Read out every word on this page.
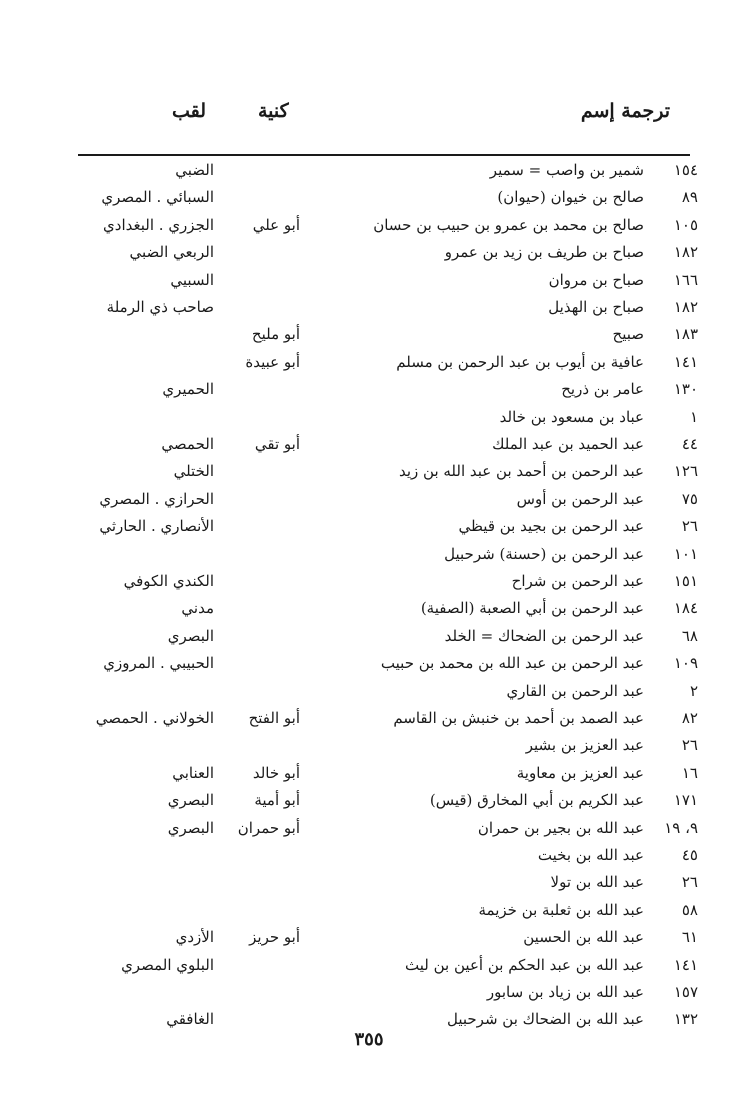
ترجمة إسم
كنية
لقب
١٥٤
شمير بن واصب = سمير
الضبي
٨٩
صالح بن خيوان (حيوان)
السبائي . المصري
١٠٥
صالح بن محمد بن عمرو بن حبيب بن حسان
أبو علي
الجزري . البغدادي
١٨٢
صباح بن طريف بن زيد بن عمرو
الربعي الضبي
١٦٦
صباح بن مروان
السبيي
١٨٢
صباح بن الهذيل
صاحب ذي الرملة
١٨٣
صبيح
أبو مليح
١٤١
عافية بن أيوب بن عبد الرحمن بن مسلم
أبو عبيدة
١٣٠
عامر بن ذريح
الحميري
١
عباد بن مسعود بن خالد
٤٤
عبد الحميد بن عبد الملك
أبو تقي
الحمصي
١٢٦
عبد الرحمن بن أحمد بن عبد الله بن زيد
الختلي
٧٥
عبد الرحمن بن أوس
الحرازي . المصري
٢٦
عبد الرحمن بن بجيد بن قيظي
الأنصاري . الحارثي
١٠١
عبد الرحمن بن (حسنة) شرحبيل
١٥١
عبد الرحمن بن شراح
الكندي الكوفي
١٨٤
عبد الرحمن بن أبي الصعبة (الصفية)
مدني
٦٨
عبد الرحمن بن الضحاك = الخلد
البصري
١٠٩
عبد الرحمن بن عبد الله بن محمد بن حبيب
الحبيبي . المروزي
٢
عبد الرحمن بن القاري
٨٢
عبد الصمد بن أحمد بن خنبش بن القاسم
أبو الفتح
الخولاني . الحمصي
٢٦
عبد العزيز بن بشير
١٦
عبد العزيز بن معاوية
أبو خالد
العنابي
١٧١
عبد الكريم بن أبي المخارق (قيس)
أبو أمية
البصري
٩، ١٩
عبد الله بن بجير بن حمران
أبو حمران
البصري
٤٥
عبد الله بن بخيت
٢٦
عبد الله بن تولا
٥٨
عبد الله بن ثعلبة بن خزيمة
٦١
عبد الله بن الحسين
أبو حريز
الأزدي
١٤١
عبد الله بن عبد الحكم بن أعين بن ليث
البلوي المصري
١٥٧
عبد الله بن زياد بن سابور
١٣٢
عبد الله بن الضحاك بن شرحبيل
الغافقي
٣٥٥
